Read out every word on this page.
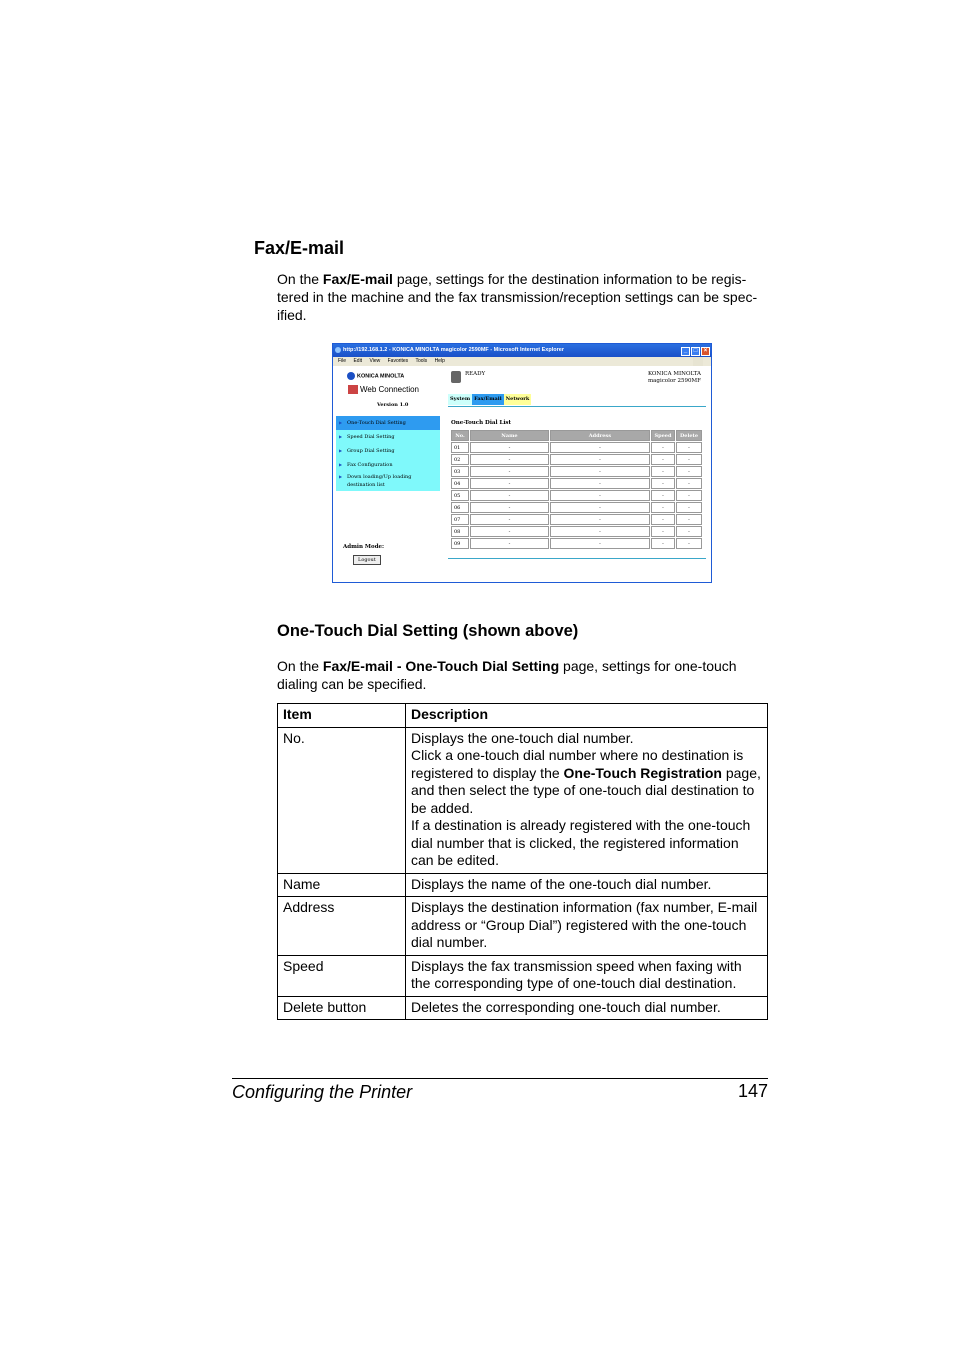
Fax/E-mail

On the Fax/E-mail page, settings for the destination information to be regis-tered in the machine and the fax transmission/reception settings can be spec-ified.

http://192.168.1.2 - KONICA MINOLTA magicolor 2590MF - Microsoft Internet Explorer	_ □ ×
File Edit View Favorites Tools Help
KONICA MINOLTA
Web Connection
Version 1.0
▶ One-Touch Dial Setting
▶ Speed Dial Setting
▶ Group Dial Setting
▶ Fax Configuration
▶ Down loading/Up loading destination list
Admin Mode:
Logout
READY	KONICA MINOLTA
magicolor 2590MF
System Fax/Email Network
One-Touch Dial List
No.	Name	Address	Speed	Delete
01	-	-	-	-
02	-	-	-	-
03	-	-	-	-
04	-	-	-	-
05	-	-	-	-
06	-	-	-	-
07	-	-	-	-
08	-	-	-	-
09	-	-	-	-
One-Touch Dial Setting (shown above)

On the Fax/E-mail - One-Touch Dial Setting page, settings for one-touch dialing can be specified.

Item	Description
No.	Displays the one-touch dial number.
Click a one-touch dial number where no destination is registered to display the One-Touch Registration page, and then select the type of one-touch dial destination to be added.
If a destination is already registered with the one-touch dial number that is clicked, the registered information can be edited.

Name	Displays the name of the one-touch dial number.
Address	Displays the destination information (fax number, E-mail address or “Group Dial”) registered with the one-touch dial number.
Speed	Displays the fax transmission speed when faxing with the corresponding type of one-touch dial destination.
Delete button	Deletes the corresponding one-touch dial number.
Configuring the Printer	147
